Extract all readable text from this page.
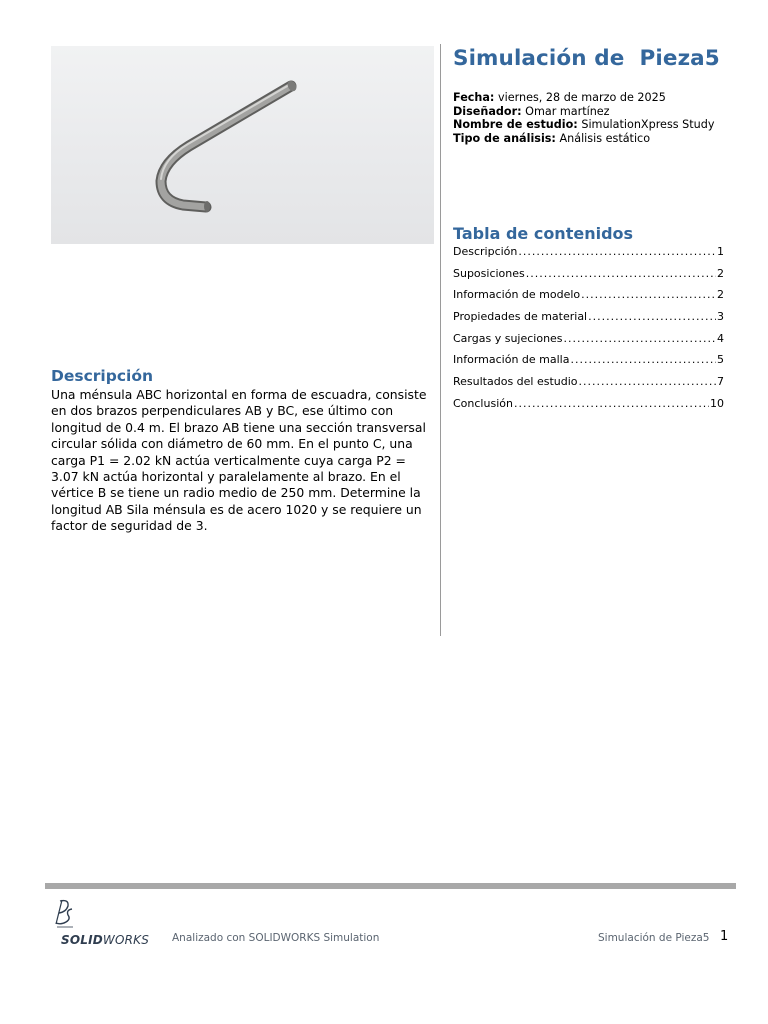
Simulación de  Pieza5
Fecha: viernes, 28 de marzo de 2025
Diseñador: Omar martínez
Nombre de estudio: SimulationXpress Study
Tipo de análisis: Análisis estático
Tabla de contenidos
Descripción .....	1
Suposiciones .....	2
Información de modelo .....	2
Propiedades de material .....	3
Cargas y sujeciones .....	4
Información de malla .....	5
Resultados del estudio .....	7
Conclusión .....	10
Descripción
Una ménsula ABC horizontal en forma de escuadra, consiste en dos brazos perpendiculares AB y BC, ese último con longitud de 0.4 m. El brazo AB tiene una sección transversal circular sólida con diámetro de 60 mm. En el punto C, una carga P1 = 2.02 kN actúa verticalmente cuya carga P2 = 3.07 kN actúa horizontal y paralelamente al brazo. En el vértice B se tiene un radio medio de 250 mm. Determine la longitud AB Sila ménsula es de acero 1020 y se requiere un factor de seguridad de 3.
SOLIDWORKS Analizado con SOLIDWORKS Simulation	Simulación de Pieza5 1
